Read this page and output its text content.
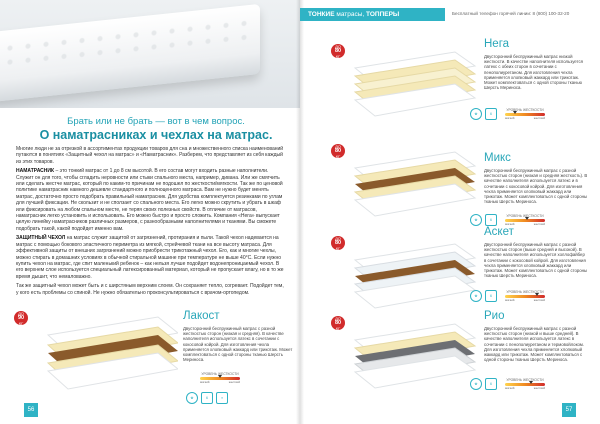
Брать или не брать — вот в чем вопрос.
О наматрасниках и чехлах на матрас.

Многие люди не за отрезкой в ассортиментах продукции товаров для сна и множественного списка наименований путаются в понятиях «Защитный чехол на матрас» и «Наматрасник». Разберем, что представляет из себя каждый из этих товаров.

НАМАТРАСНИК – это тонкий матрас от 1 до 8 см высотой. В его состав могут входить разные наполнители. Служит он для того, чтобы сгладить неровности или стыки спального места, например, дивана. Или же смягчить или сделать жестче матрас, который по каким-то причинам не подошел по жесткости/мягкости. Так же по ценовой политике наматрасник намного дешевле стандартного и полноценного матраса. Вам не нужно будет менять матрас, достаточно просто подобрать правильный наматрасник. Для удобства комплектуется резинками по углам для лучшей фиксации. Не скользит и не сползает со спального места. Его легко можно скрутить и убрать в шкаф или фиксировать на любом спальном месте, не теряя своих полезных свойств. В отличие от матрасов, наматрасник легко установить и использовать. Его можно быстро и просто сложить. Компания «Нега» выпускает целую линейку наматрасников различных размеров, с разнообразными наполнителями и тканями. Вы сможете подобрать такой, какой подойдет именно вам.

ЗАЩИТНЫЙ ЧЕХОЛ на матрас служит защитой от загрязнений, протирания и пыли. Такой чехол надевается на матрас с помощью бокового эластичного периметра из мягкой, стрейчевой ткани на все высоту матраса. Для эффективной защиты от внешних загрязнений можно приобрести трикотажный чехол. Его, как и многие чехлы, можно стирать в домашних условиях в обычной стиральной машине при температуре не выше 40°С. Если нужно купить чехол на матрас, где спит маленький ребенок – как нельзя лучше подойдет водонепроницаемый чехол. В его верхнем слое используется специальный латексированный материал, который не пропускает влагу, но в то же время дышит, что немаловажно.

Так же защитный чехол может быть и с ширстяным верхним слоем. Он сохраняет тепло, согревает. Подойдет тем, у кого есть проблемы со спиной. Не нужно обязательно проконсультироваться с врачом-ортопедом.

ДО
90
КГ
Лакост
Двусторонний беспружинный матрас с разной жесткостью сторон (низкая и средняя). В качестве наполнителя используется латекс в сочетании с кокосовой койрой. Для изготовления чехла применяется хлопковый жаккард или трикотаж. Может комплектоваться с одной стороны тканью Шерсть Мериноса.
УРОВЕНЬ ЖЕСТКОСТИ
мягкий	жесткий
❀	6	≡
56
ТОНКИЕ матрасы, ТОППЕРЫ	Бесплатный телефон горячей линии: 8 (800) 100-32-20
ДО
80
КГ
Нега
Двусторонний беспружинный матрас низкой жесткости. В качестве наполнителя используется латекс с обеих сторон в сочетании с пенополиуретаном. Для изготовления чехла применяется хлопковый жаккард или трикотаж. Может комплектоваться с одной стороны тканью Шерсть Мериноса.
❀	6
УРОВЕНЬ ЖЕСТКОСТИ
мягкий	жесткий
ДО
80
КГ	Микс
Двусторонний беспружинный матрас с разной жесткостью сторон (низкая и средняя жесткость). В качестве наполнителя используется латекс и в сочетании с кокосовой койрой. Для изготовления чехла применяется хлопковый жаккард или трикотаж. Может комплектоваться с одной стороны тканью Шерсть Мериноса.
❀	6
УРОВЕНЬ ЖЕСТКОСТИ
мягкий	жесткий
ДО
80
КГ
Аскет
Двусторонний беспружинный матрас с разной жесткостью сторон (выше средней и высокой). В качестве наполнителя используется холлофайбер в сочетании с кокосовой койрой. Для изготовления чехла применяется хлопковый жаккард или трикотаж. Может комплектоваться с одной стороны тканью Шерсть Мериноса.
❀	6
УРОВЕНЬ ЖЕСТКОСТИ
мягкий	жесткий
ДО
80
КГ
Рио
Двусторонний беспружинный матрас с разной жесткостью сторон (низкой и выше средней). В качестве наполнителя используется латекс в сочетании с пенополиуретаном и термовойлоком. Для изготовления чехла применяется хлопковый жаккард или трикотаж. Может комплектоваться с одной стороны тканью Шерсть Мериноса.
❀	6
УРОВЕНЬ ЖЕСТКОСТИ
мягкий	жесткий
57
